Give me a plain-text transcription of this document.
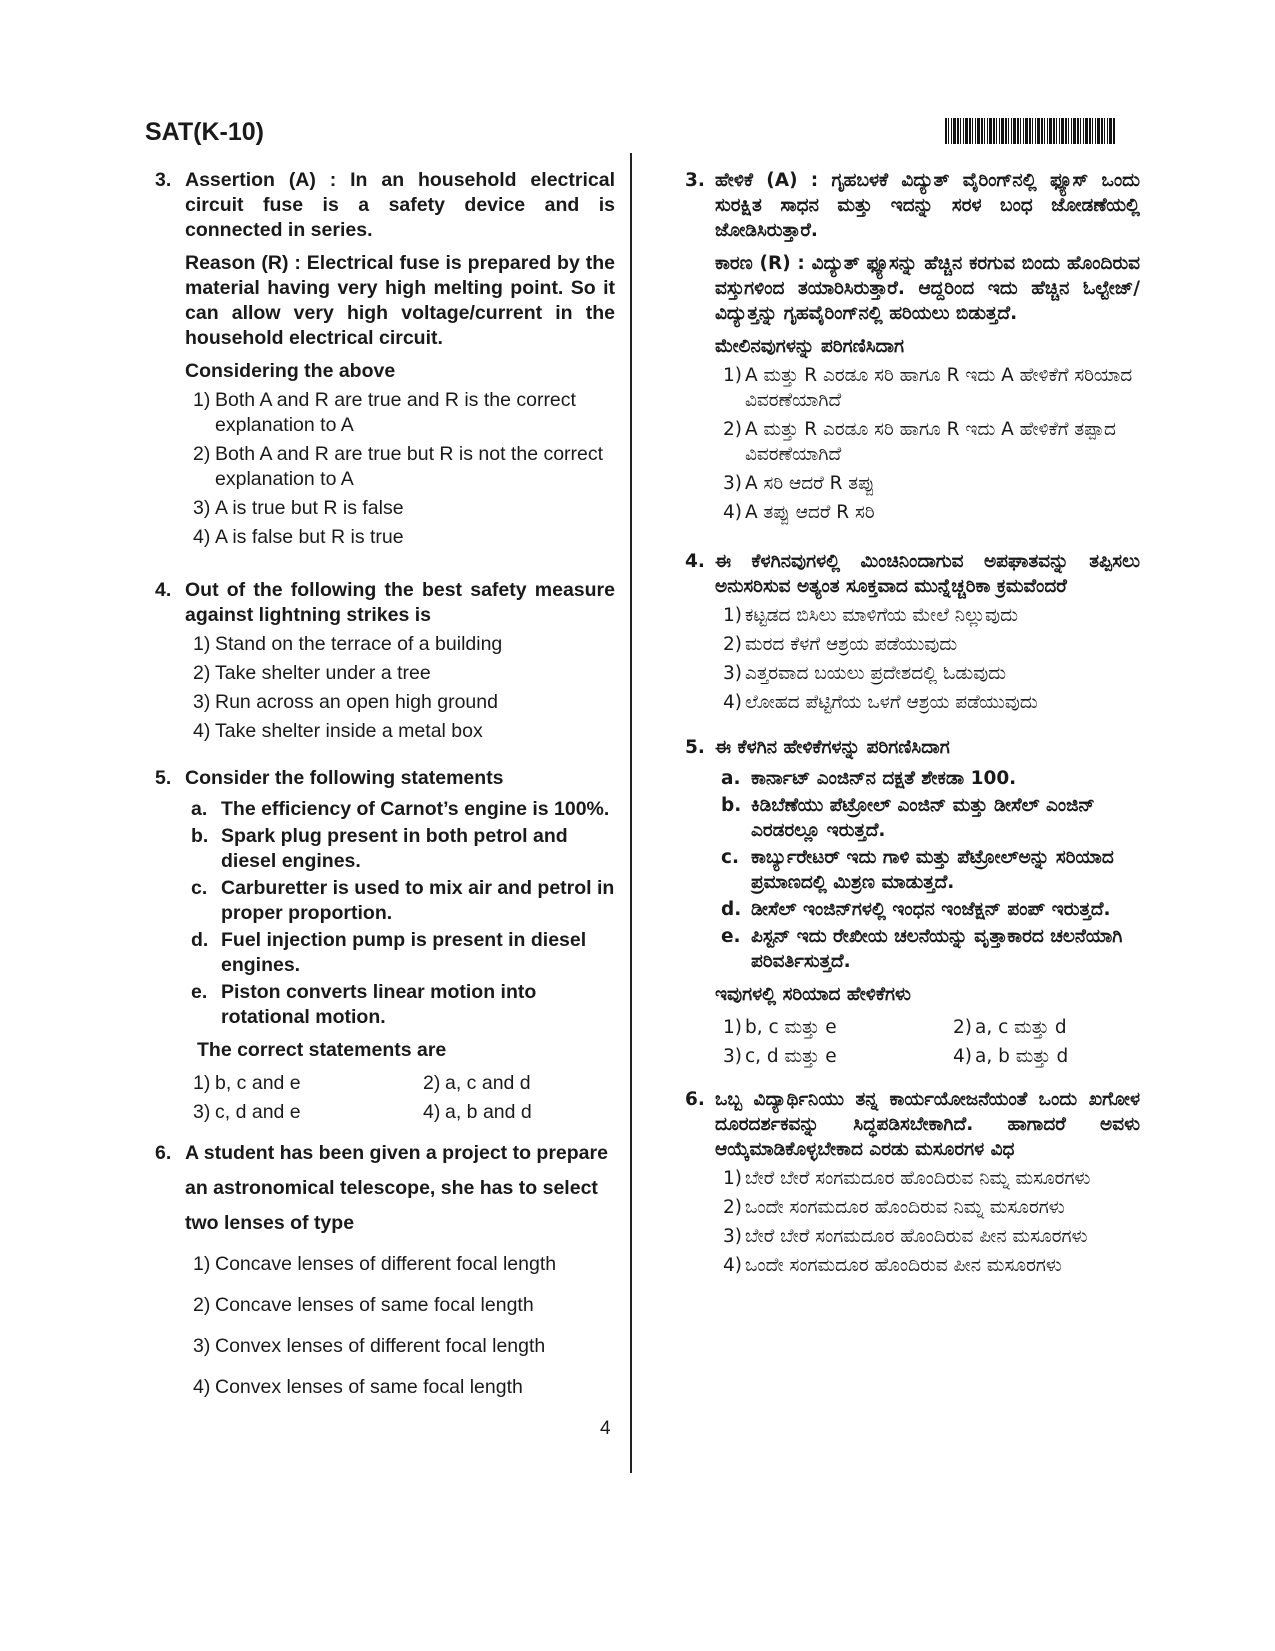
SAT(K-10)
3. Assertion (A) : In an household electrical circuit fuse is a safety device and is connected in series.
Reason (R) : Electrical fuse is prepared by the material having very high melting point. So it can allow very high voltage/current in the household electrical circuit.
Considering the above
1) Both A and R are true and R is the correct explanation to A
2) Both A and R are true but R is not the correct explanation to A
3) A is true but R is false
4) A is false but R is true
4. Out of the following the best safety measure against lightning strikes is
1) Stand on the terrace of a building
2) Take shelter under a tree
3) Run across an open high ground
4) Take shelter inside a metal box
5. Consider the following statements
a. The efficiency of Carnot’s engine is 100%.
b. Spark plug present in both petrol and diesel engines.
c. Carburetter is used to mix air and petrol in proper proportion.
d. Fuel injection pump is present in diesel engines.
e. Piston converts linear motion into rotational motion.
The correct statements are
1) b, c and e	2) a, c and d
3) c, d and e	4) a, b and d
6. A student has been given a project to prepare
an astronomical telescope, she has to select
two lenses of type
1) Concave lenses of different focal length
2) Concave lenses of same focal length
3) Convex lenses of different focal length
4) Convex lenses of same focal length
3. ಹೇಳಿಕೆ (A) : ಗೃಹಬಳಕೆ ವಿದ್ಯುತ್ ವೈರಿಂಗ್‌ನಲ್ಲಿ ಫ್ಯೂಸ್ ಒಂದು ಸುರಕ್ಷಿತ ಸಾಧನ ಮತ್ತು ಇದನ್ನು ಸರಳ ಬಂಧ ಜೋಡಣೆಯಲ್ಲಿ ಜೋಡಿಸಿರುತ್ತಾರೆ.
ಕಾರಣ (R) : ವಿದ್ಯುತ್ ಫ್ಯೂಸನ್ನು ಹೆಚ್ಚಿನ ಕರಗುವ ಬಿಂದು ಹೊಂದಿರುವ ವಸ್ತುಗಳಿಂದ ತಯಾರಿಸಿರುತ್ತಾರೆ. ಆದ್ದರಿಂದ ಇದು ಹೆಚ್ಚಿನ ಓಲ್ಟೇಜ್/ವಿದ್ಯುತ್ತನ್ನು ಗೃಹವೈರಿಂಗ್‌ನಲ್ಲಿ ಹರಿಯಲು ಬಿಡುತ್ತದೆ.
ಮೇಲಿನವುಗಳನ್ನು ಪರಿಗಣಿಸಿದಾಗ
1) A ಮತ್ತು R ಎರಡೂ ಸರಿ ಹಾಗೂ R ಇದು A ಹೇಳಿಕೆಗೆ ಸರಿಯಾದ ವಿವರಣೆಯಾಗಿದೆ
2) A ಮತ್ತು R ಎರಡೂ ಸರಿ ಹಾಗೂ R ಇದು A ಹೇಳಿಕೆಗೆ ತಪ್ಪಾದ ವಿವರಣೆಯಾಗಿದೆ
3) A ಸರಿ ಆದರೆ R ತಪ್ಪು
4) A ತಪ್ಪು ಆದರೆ R ಸರಿ
4. ಈ ಕೆಳಗಿನವುಗಳಲ್ಲಿ ಮಿಂಚಿನಿಂದಾಗುವ ಅಪಘಾತವನ್ನು ತಪ್ಪಿಸಲು ಅನುಸರಿಸುವ ಅತ್ಯಂತ ಸೂಕ್ತವಾದ ಮುನ್ನೆಚ್ಚರಿಕಾ ಕ್ರಮವೆಂದರೆ
1) ಕಟ್ಟಡದ ಬಿಸಿಲು ಮಾಳಿಗೆಯ ಮೇಲೆ ನಿಲ್ಲುವುದು
2) ಮರದ ಕೆಳಗೆ ಆಶ್ರಯ ಪಡೆಯುವುದು
3) ಎತ್ತರವಾದ ಬಯಲು ಪ್ರದೇಶದಲ್ಲಿ ಓಡುವುದು
4) ಲೋಹದ ಪೆಟ್ಟಿಗೆಯ ಒಳಗೆ ಆಶ್ರಯ ಪಡೆಯುವುದು
5. ಈ ಕೆಳಗಿನ ಹೇಳಿಕೆಗಳನ್ನು ಪರಿಗಣಿಸಿದಾಗ
a. ಕಾರ್ನಾಟ್ ಎಂಜಿನ್‌ನ ದಕ್ಷತೆ ಶೇಕಡಾ 100.
b. ಕಿಡಿಬೆಣೆಯು ಪೆಟ್ರೋಲ್ ಎಂಜಿನ್ ಮತ್ತು ಡೀಸೆಲ್ ಎಂಜಿನ್ ಎರಡರಲ್ಲೂ ಇರುತ್ತದೆ.
c. ಕಾರ್ಬ್ಯುರೇಟರ್ ಇದು ಗಾಳಿ ಮತ್ತು ಪೆಟ್ರೋಲ್‌ಅನ್ನು ಸರಿಯಾದ ಪ್ರಮಾಣದಲ್ಲಿ ಮಿಶ್ರಣ ಮಾಡುತ್ತದೆ.
d. ಡೀಸೆಲ್ ಇಂಜಿನ್‌ಗಳಲ್ಲಿ ಇಂಧನ ಇಂಜೆಕ್ಷನ್ ಪಂಪ್ ಇರುತ್ತದೆ.
e. ಪಿಸ್ಟನ್ ಇದು ರೇಖೀಯ ಚಲನೆಯನ್ನು ವೃತ್ತಾಕಾರದ ಚಲನೆಯಾಗಿ ಪರಿವರ್ತಿಸುತ್ತದೆ.
ಇವುಗಳಲ್ಲಿ ಸರಿಯಾದ ಹೇಳಿಕೆಗಳು
1) b, c ಮತ್ತು e	2) a, c ಮತ್ತು d
3) c, d ಮತ್ತು e	4) a, b ಮತ್ತು d
6. ಒಬ್ಬ ವಿದ್ಯಾರ್ಥಿನಿಯು ತನ್ನ ಕಾರ್ಯಯೋಜನೆಯಂತೆ ಒಂದು ಖಗೋಳ ದೂರದರ್ಶಕವನ್ನು ಸಿದ್ಧಪಡಿಸಬೇಕಾಗಿದೆ. ಹಾಗಾದರೆ ಅವಳು ಆಯ್ಕೆಮಾಡಿಕೊಳ್ಳಬೇಕಾದ ಎರಡು ಮಸೂರಗಳ ವಿಧ
1) ಬೇರೆ ಬೇರೆ ಸಂಗಮದೂರ ಹೊಂದಿರುವ ನಿಮ್ನ ಮಸೂರಗಳು
2) ಒಂದೇ ಸಂಗಮದೂರ ಹೊಂದಿರುವ ನಿಮ್ನ ಮಸೂರಗಳು
3) ಬೇರೆ ಬೇರೆ ಸಂಗಮದೂರ ಹೊಂದಿರುವ ಪೀನ ಮಸೂರಗಳು
4) ಒಂದೇ ಸಂಗಮದೂರ ಹೊಂದಿರುವ ಪೀನ ಮಸೂರಗಳು
4
